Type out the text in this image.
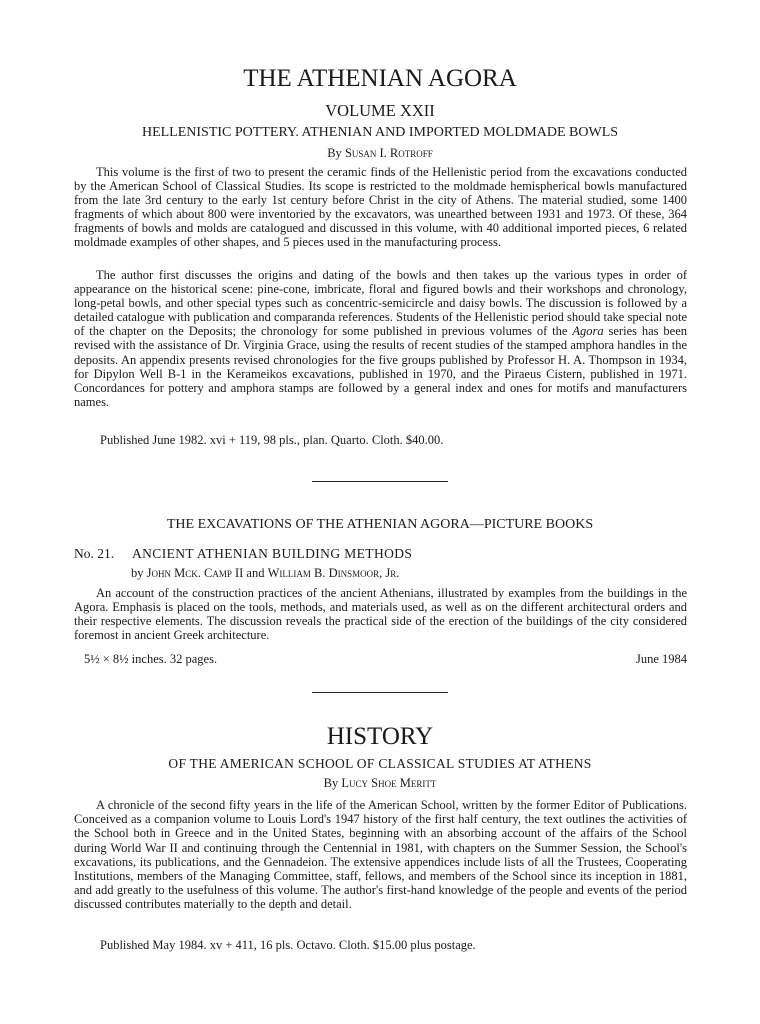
THE ATHENIAN AGORA
VOLUME XXII
HELLENISTIC POTTERY. ATHENIAN AND IMPORTED MOLDMADE BOWLS
By Susan I. Rotroff

This volume is the first of two to present the ceramic finds of the Hellenistic period from the excavations conducted by the American School of Classical Studies. Its scope is restricted to the moldmade hemispherical bowls manufactured from the late 3rd century to the early 1st century before Christ in the city of Athens. The material studied, some 1400 fragments of which about 800 were inventoried by the excavators, was unearthed between 1931 and 1973. Of these, 364 fragments of bowls and molds are catalogued and discussed in this volume, with 40 additional imported pieces, 6 related moldmade examples of other shapes, and 5 pieces used in the manufacturing process.

The author first discusses the origins and dating of the bowls and then takes up the various types in order of appearance on the historical scene: pine-cone, imbricate, floral and figured bowls and their workshops and chronology, long-petal bowls, and other special types such as concentric-semicircle and daisy bowls. The discussion is followed by a detailed catalogue with publication and comparanda references. Students of the Hellenistic period should take special note of the chapter on the Deposits; the chronology for some published in previous volumes of the Agora series has been revised with the assistance of Dr. Virginia Grace, using the results of recent studies of the stamped amphora handles in the deposits. An appendix presents revised chronologies for the five groups published by Professor H. A. Thompson in 1934, for Dipylon Well B-1 in the Kerameikos excavations, published in 1970, and the Piraeus Cistern, published in 1971. Concordances for pottery and amphora stamps are followed by a general index and ones for motifs and manufacturers names.

Published June 1982. xvi + 119, 98 pls., plan. Quarto. Cloth. $40.00.
THE EXCAVATIONS OF THE ATHENIAN AGORA—PICTURE BOOKS
No. 21. ANCIENT ATHENIAN BUILDING METHODS
by John Mck. Camp II and William B. Dinsmoor, Jr.

An account of the construction practices of the ancient Athenians, illustrated by examples from the buildings in the Agora. Emphasis is placed on the tools, methods, and materials used, as well as on the different architectural orders and their respective elements. The discussion reveals the practical side of the erection of the buildings of the city considered foremost in ancient Greek architecture.

5½ × 8½ inches. 32 pages.	June 1984
HISTORY
OF THE AMERICAN SCHOOL OF CLASSICAL STUDIES AT ATHENS
By Lucy Shoe Meritt

A chronicle of the second fifty years in the life of the American School, written by the former Editor of Publications. Conceived as a companion volume to Louis Lord's 1947 history of the first half century, the text outlines the activities of the School both in Greece and in the United States, beginning with an absorbing account of the affairs of the School during World War II and continuing through the Centennial in 1981, with chapters on the Summer Session, the School's excavations, its publications, and the Gennadeion. The extensive appendices include lists of all the Trustees, Cooperating Institutions, members of the Managing Committee, staff, fellows, and members of the School since its inception in 1881, and add greatly to the usefulness of this volume. The author's first-hand knowledge of the people and events of the period discussed contributes materially to the depth and detail.

Published May 1984. xv + 411, 16 pls. Octavo. Cloth. $15.00 plus postage.
